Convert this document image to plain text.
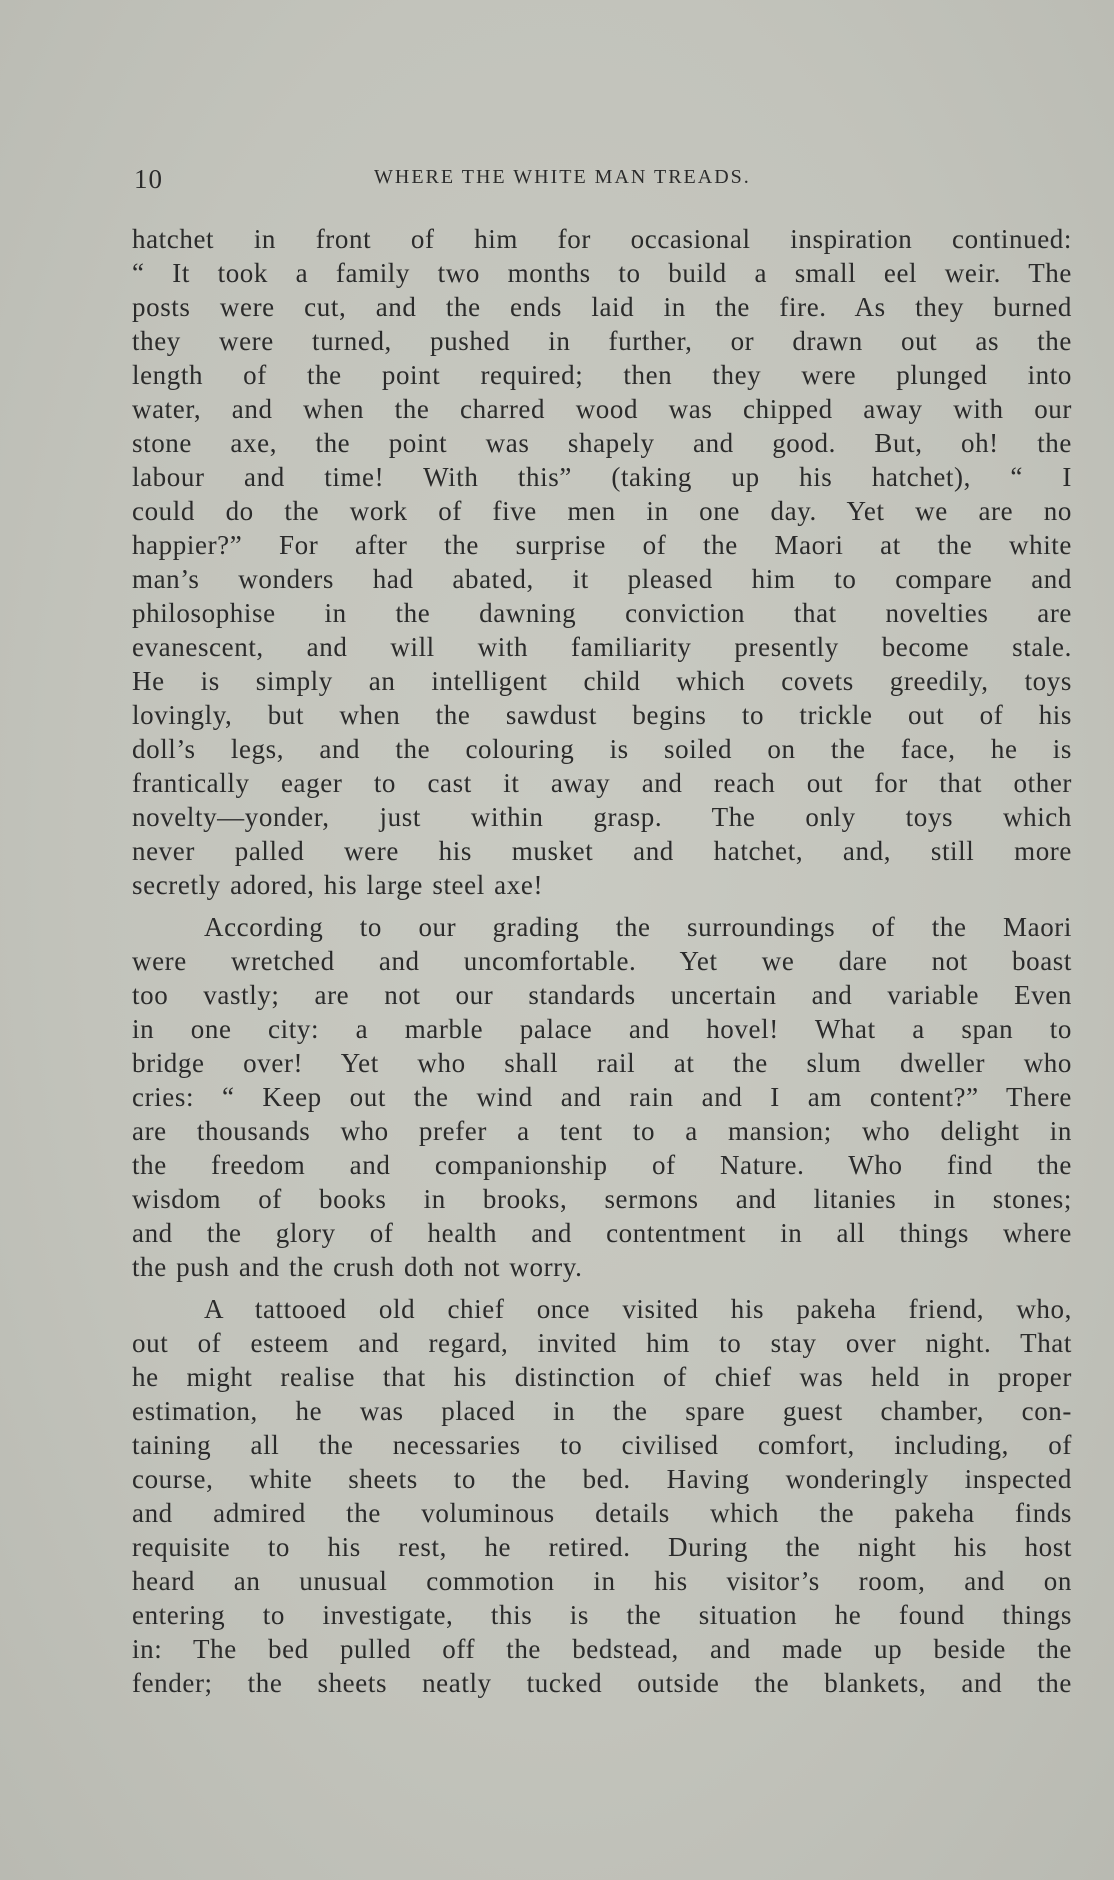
10	WHERE THE WHITE MAN TREADS.
hatchet in front of him for occasional inspiration continued:
“ It took a family two months to build a small eel weir. The
posts were cut, and the ends laid in the fire. As they burned
they were turned, pushed in further, or drawn out as the
length of the point required; then they were plunged into
water, and when the charred wood was chipped away with our
stone axe, the point was shapely and good. But, oh! the
labour and time! With this” (taking up his hatchet), “ I
could do the work of five men in one day. Yet we are no
happier?” For after the surprise of the Maori at the white
man’s wonders had abated, it pleased him to compare and
philosophise in the dawning conviction that novelties are
evanescent, and will with familiarity presently become stale.
He is simply an intelligent child which covets greedily, toys
lovingly, but when the sawdust begins to trickle out of his
doll’s legs, and the colouring is soiled on the face, he is
frantically eager to cast it away and reach out for that other
novelty—yonder, just within grasp. The only toys which
never palled were his musket and hatchet, and, still more
secretly adored, his large steel axe!
According to our grading the surroundings of the Maori
were wretched and uncomfortable. Yet we dare not boast
too vastly; are not our standards uncertain and variable Even
in one city: a marble palace and hovel! What a span to
bridge over! Yet who shall rail at the slum dweller who
cries: “ Keep out the wind and rain and I am content?” There
are thousands who prefer a tent to a mansion; who delight in
the freedom and companionship of Nature. Who find the
wisdom of books in brooks, sermons and litanies in stones;
and the glory of health and contentment in all things where
the push and the crush doth not worry.
A tattooed old chief once visited his pakeha friend, who,
out of esteem and regard, invited him to stay over night. That
he might realise that his distinction of chief was held in proper
estimation, he was placed in the spare guest chamber, con-
taining all the necessaries to civilised comfort, including, of
course, white sheets to the bed. Having wonderingly inspected
and admired the voluminous details which the pakeha finds
requisite to his rest, he retired. During the night his host
heard an unusual commotion in his visitor’s room, and on
entering to investigate, this is the situation he found things
in: The bed pulled off the bedstead, and made up beside the
fender; the sheets neatly tucked outside the blankets, and the
